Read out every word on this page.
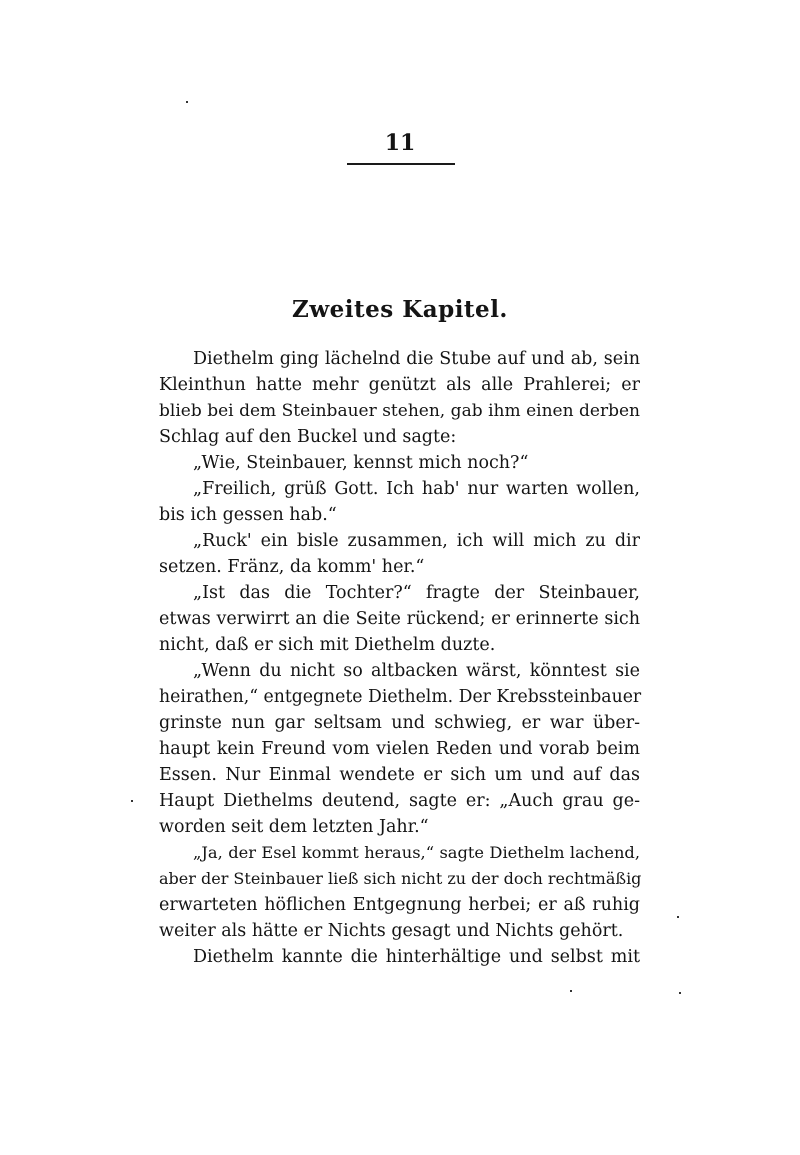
11
Zweites Kapitel.
Diethelm ging lächelnd die Stube auf und ab, sein
Kleinthun hatte mehr genützt als alle Prahlerei; er
blieb bei dem Steinbauer stehen, gab ihm einen derben
Schlag auf den Buckel und sagte:
„Wie, Steinbauer, kennst mich noch?“
„Freilich, grüß Gott. Ich hab' nur warten wollen,
bis ich gessen hab.“
„Ruck' ein bisle zusammen, ich will mich zu dir
setzen. Fränz, da komm' her.“
„Ist das die Tochter?“ fragte der Steinbauer,
etwas verwirrt an die Seite rückend; er erinnerte sich
nicht, daß er sich mit Diethelm duzte.
„Wenn du nicht so altbacken wärst, könntest sie
heirathen,“ entgegnete Diethelm. Der Krebssteinbauer
grinste nun gar seltsam und schwieg, er war über-
haupt kein Freund vom vielen Reden und vorab beim
Essen. Nur Einmal wendete er sich um und auf das
Haupt Diethelms deutend, sagte er: „Auch grau ge-
worden seit dem letzten Jahr.“
„Ja, der Esel kommt heraus,“ sagte Diethelm lachend,
aber der Steinbauer ließ sich nicht zu der doch rechtmäßig
erwarteten höflichen Entgegnung herbei; er aß ruhig
weiter als hätte er Nichts gesagt und Nichts gehört.
Diethelm kannte die hinterhältige und selbst mit
